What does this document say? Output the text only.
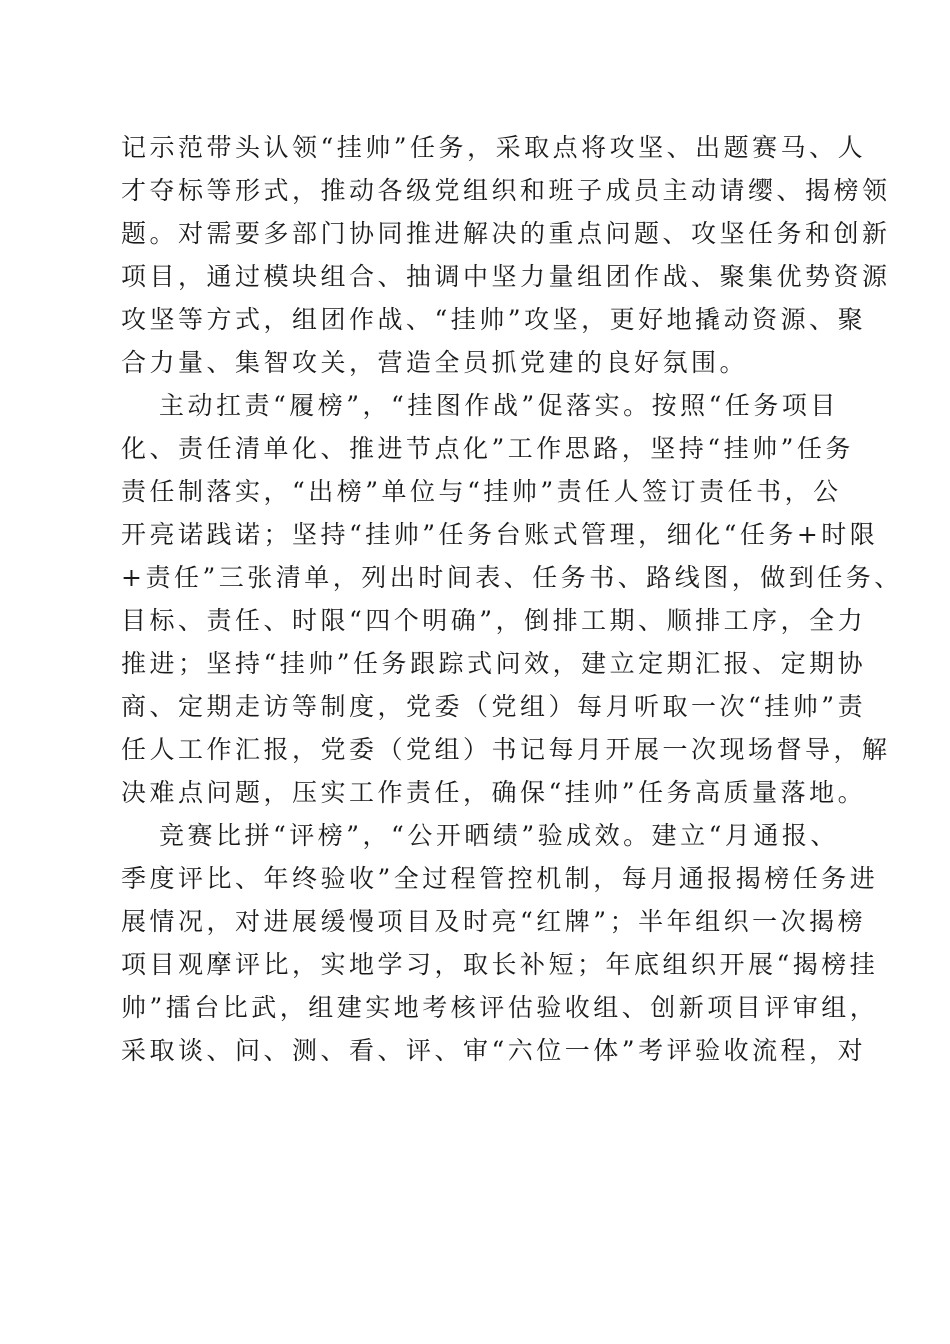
记示范带头认领“挂帅”任务，采取点将攻坚、出题赛马、人
才夺标等形式，推动各级党组织和班子成员主动请缨、揭榜领
题。对需要多部门协同推进解决的重点问题、攻坚任务和创新
项目，通过模块组合、抽调中坚力量组团作战、聚集优势资源
攻坚等方式，组团作战、“挂帅”攻坚，更好地撬动资源、聚
合力量、集智攻关，营造全员抓党建的良好氛围。
主动扛责“履榜”，“挂图作战”促落实。按照“任务项目
化、责任清单化、推进节点化”工作思路，坚持“挂帅”任务
责任制落实，“出榜”单位与“挂帅”责任人签订责任书，公
开亮诺践诺；坚持“挂帅”任务台账式管理，细化“任务+时限
+责任”三张清单，列出时间表、任务书、路线图，做到任务、
目标、责任、时限“四个明确”，倒排工期、顺排工序，全力
推进；坚持“挂帅”任务跟踪式问效，建立定期汇报、定期协
商、定期走访等制度，党委（党组）每月听取一次“挂帅”责
任人工作汇报，党委（党组）书记每月开展一次现场督导，解
决难点问题，压实工作责任，确保“挂帅”任务高质量落地。
竞赛比拼“评榜”，“公开晒绩”验成效。建立“月通报、
季度评比、年终验收”全过程管控机制，每月通报揭榜任务进
展情况，对进展缓慢项目及时亮“红牌”；半年组织一次揭榜
项目观摩评比，实地学习，取长补短；年底组织开展“揭榜挂
帅”擂台比武，组建实地考核评估验收组、创新项目评审组，
采取谈、问、测、看、评、审“六位一体”考评验收流程，对
